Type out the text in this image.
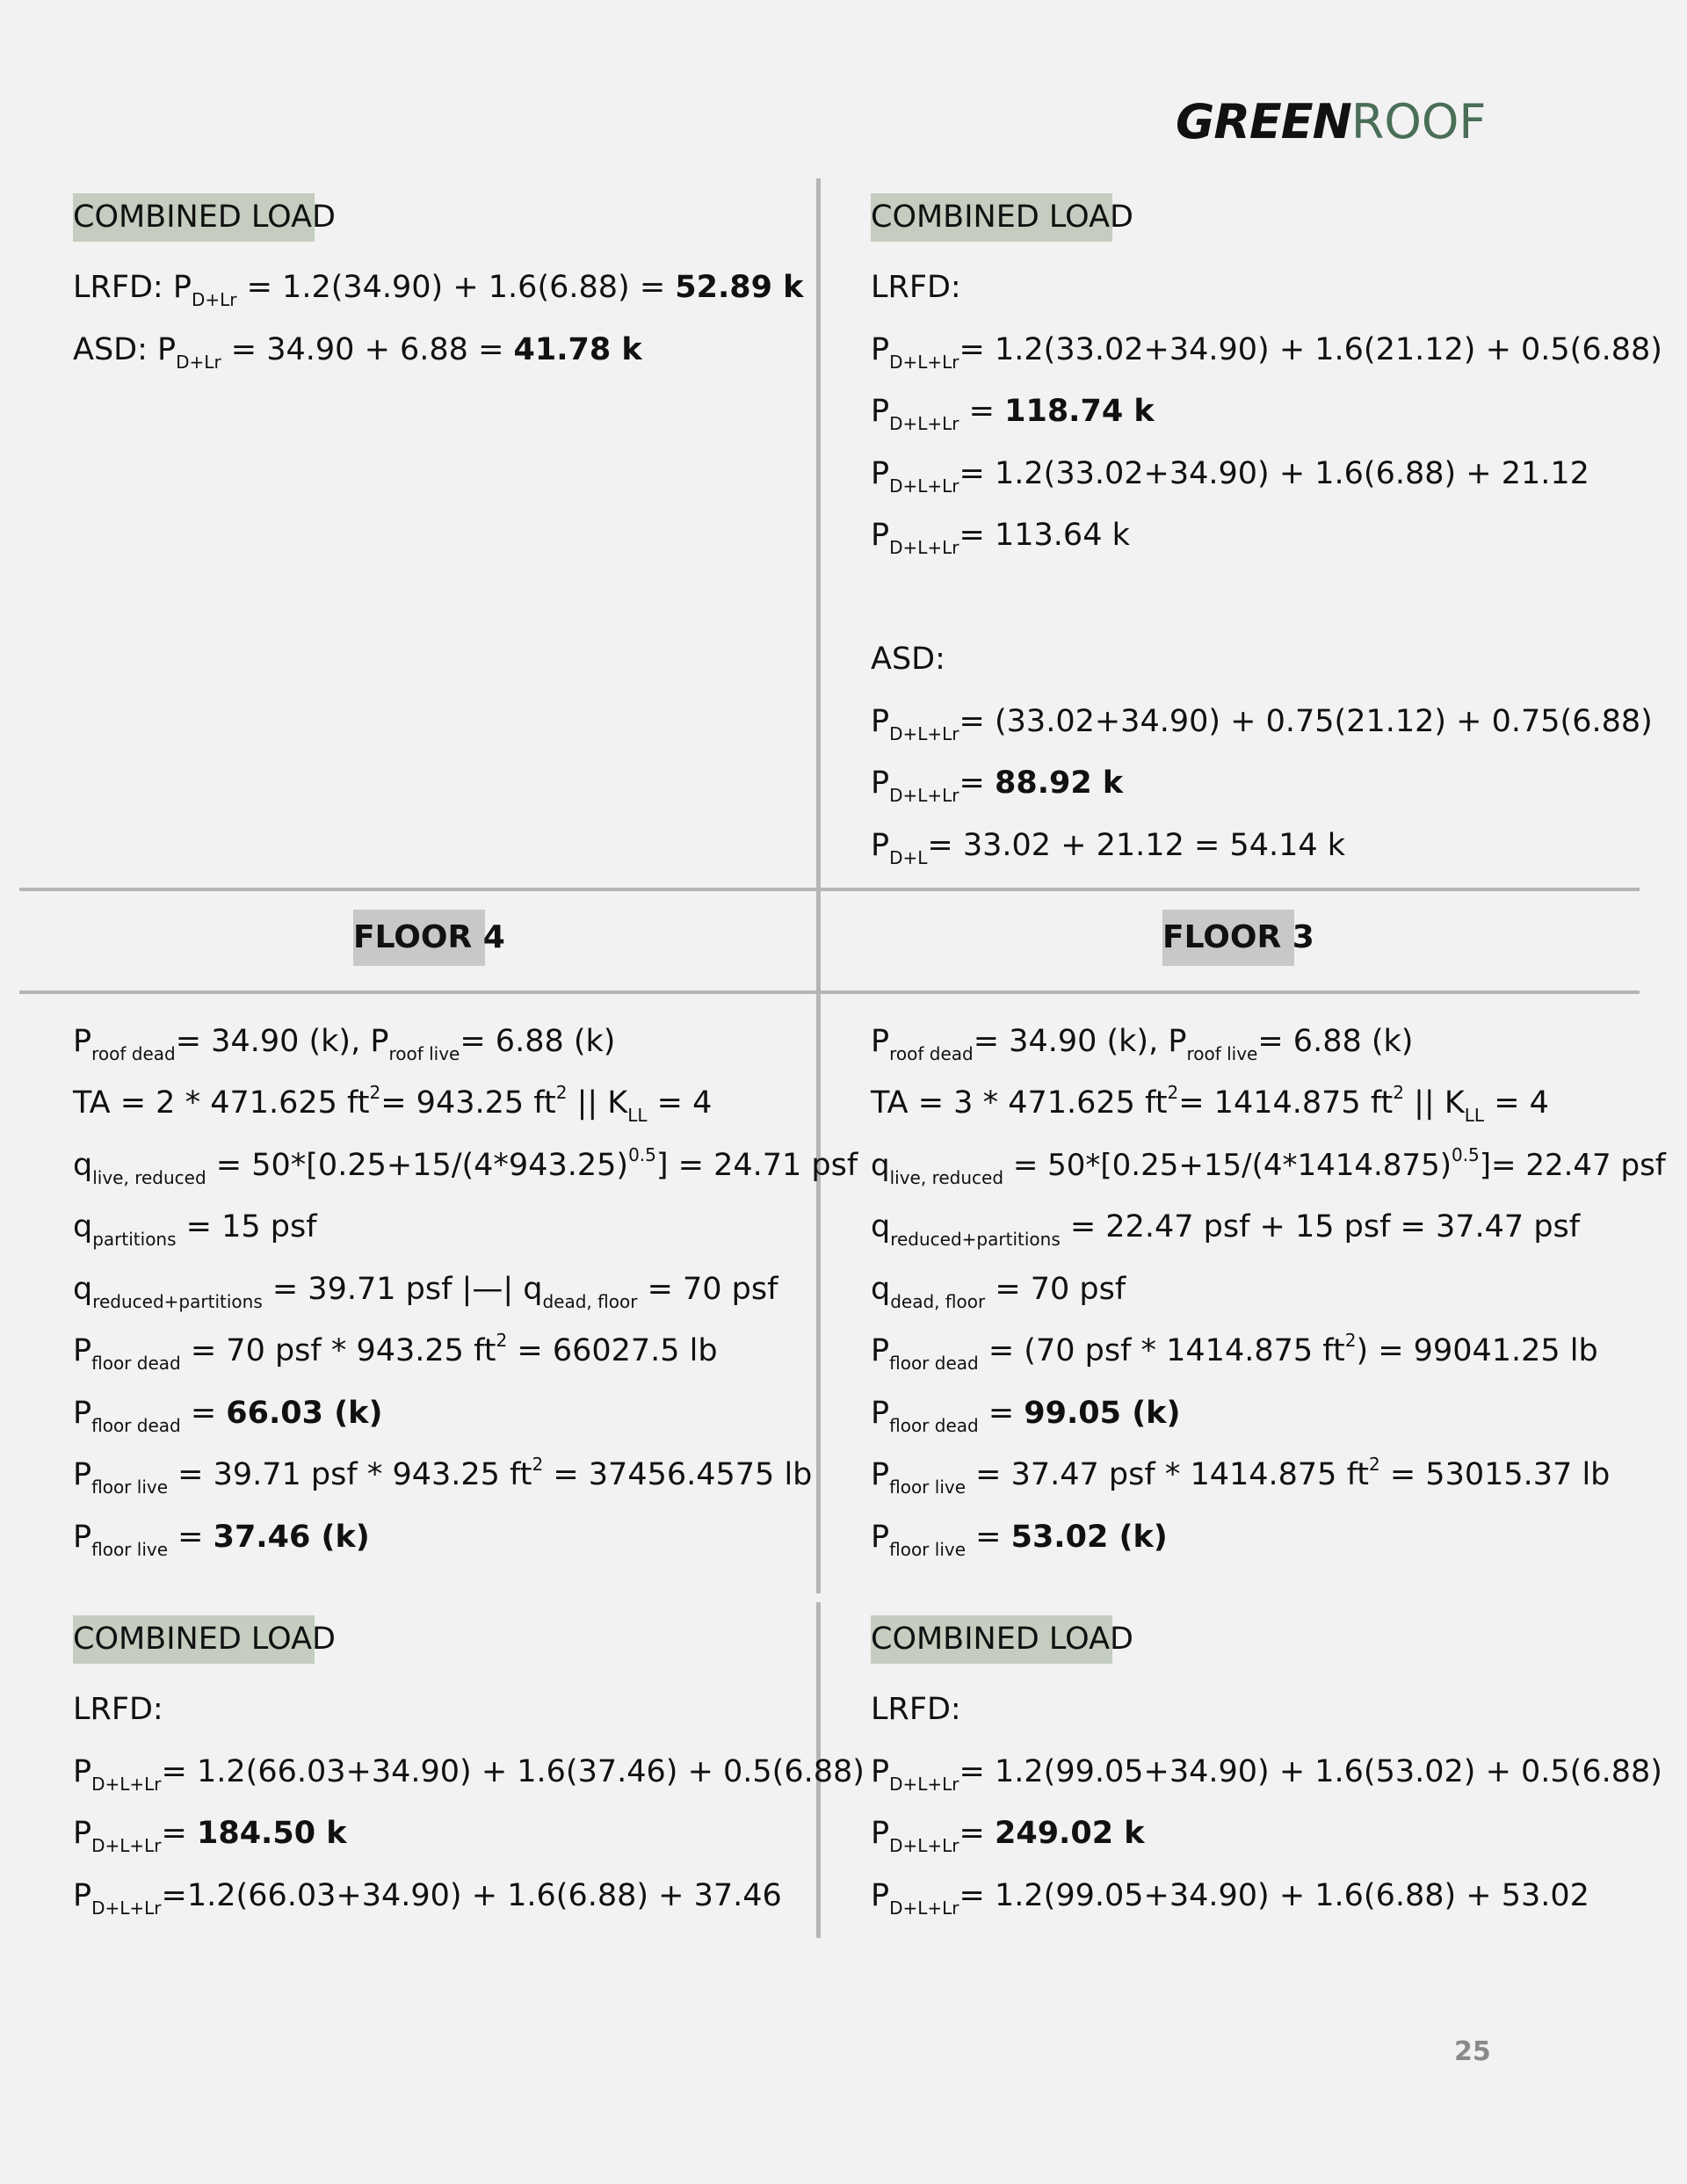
GREENROOF
COMBINED LOAD
LRFD: $P_{D+Lr} = 1.2(34.90) + 1.6(6.88) = 52.89$ k
ASD: $P_{D+Lr} = 34.90 + 6.88 = 41.78$ k
COMBINED LOAD
LRFD:
$P_{D+L+Lr}= 1.2(33.02+34.90) + 1.6(21.12) + 0.5(6.88)$
$P_{D+L+Lr} = 118.74$ k
$P_{D+L+Lr}= 1.2(33.02+34.90) + 1.6(6.88) + 21.12$
$P_{D+L+Lr}= 113.64$ k
ASD:
$P_{D+L+Lr}= (33.02+34.90) + 0.75(21.12) + 0.75(6.88)$
$P_{D+L+Lr}= 88.92$ k
$P_{D+L}= 33.02 + 21.12 = 54.14$ k
FLOOR 4	FLOOR 3
$P_{roof dead}= 34.90$ (k), $P_{roof live}= 6.88$ (k)
TA = 2 * 471.625 $ft^2= 943.25$ $ft^2$ || $K_{LL} = 4$
$q_{live, reduced} = 50*[0.25+15/(4*943.25)^{0.5}] = 24.71$ psf
$q_{partitions} = 15$ psf
$q_{reduced+partitions} = 39.71$ psf |—| $q_{dead, floor} = 70$ psf
$P_{floor dead} = 70$ psf * 943.25 $ft^2 = 66027.5$ lb
$P_{floor dead} = 66.03$ (k)
$P_{floor live} = 39.71$ psf * 943.25 $ft^2 = 37456.4575$ lb
$P_{floor live} = 37.46$ (k)
COMBINED LOAD
LRFD:
$P_{D+L+Lr}= 1.2(66.03+34.90) + 1.6(37.46) + 0.5(6.88)$
$P_{D+L+Lr}= 184.50$ k
$P_{D+L+Lr}=1.2(66.03+34.90) + 1.6(6.88) + 37.46$
$P_{roof dead}= 34.90$ (k), $P_{roof live}= 6.88$ (k)
TA = 3 * 471.625 $ft^2= 1414.875$ $ft^2$ || $K_{LL} = 4$
$q_{live, reduced} = 50*[0.25+15/(4*1414.875)^{0.5}]= 22.47$ psf
$q_{reduced+partitions} = 22.47$ psf + 15 psf = 37.47 psf
$q_{dead, floor} = 70$ psf
$P_{floor dead} = (70$ psf * 1414.875 $ft^2) = 99041.25$ lb
$P_{floor dead} = 99.05$ (k)
$P_{floor live} = 37.47$ psf * 1414.875 $ft^2 = 53015.37$ lb
$P_{floor live} = 53.02$ (k)
COMBINED LOAD
LRFD:
$P_{D+L+Lr}= 1.2(99.05+34.90) + 1.6(53.02) + 0.5(6.88)$
$P_{D+L+Lr}= 249.02$ k
$P_{D+L+Lr}= 1.2(99.05+34.90) + 1.6(6.88) + 53.02$
25
